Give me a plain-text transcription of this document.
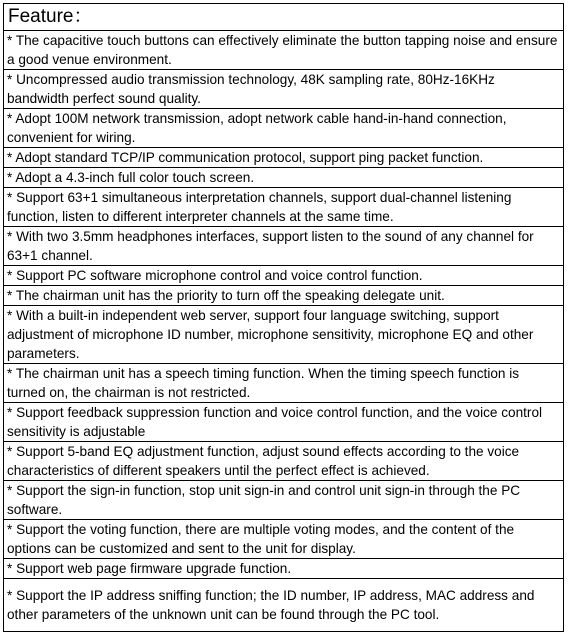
Feature：
* The capacitive touch buttons can effectively eliminate the button tapping noise and ensure a good venue environment.
* Uncompressed audio transmission technology, 48K sampling rate, 80Hz-16KHz bandwidth perfect sound quality.
* Adopt 100M network transmission, adopt network cable hand-in-hand connection, convenient for wiring.
* Adopt standard TCP/IP communication protocol, support ping packet function.
* Adopt a 4.3-inch full color touch screen.
* Support 63+1 simultaneous interpretation channels, support dual-channel listening function, listen to different interpreter channels at the same time.
* With two 3.5mm headphones interfaces, support listen to the sound of any channel for 63+1 channel.
* Support PC software microphone control and voice control function.
* The chairman unit has the priority to turn off the speaking delegate unit.
* With a built-in independent web server, support four language switching, support adjustment of microphone ID number, microphone sensitivity, microphone EQ and other parameters.
* The chairman unit has a speech timing function. When the timing speech function is turned on, the chairman is not restricted.
* Support feedback suppression function and voice control function, and the voice control sensitivity is adjustable
* Support 5-band EQ adjustment function, adjust sound effects according to the voice characteristics of different speakers until the perfect effect is achieved.
* Support the sign-in function, stop unit sign-in and control unit sign-in through the PC software.
* Support the voting function, there are multiple voting modes, and the content of the options can be customized and sent to the unit for display.
* Support web page firmware upgrade function.
* Support the IP address sniffing function; the ID number, IP address, MAC address and other parameters of the unknown unit can be found through the PC tool.
